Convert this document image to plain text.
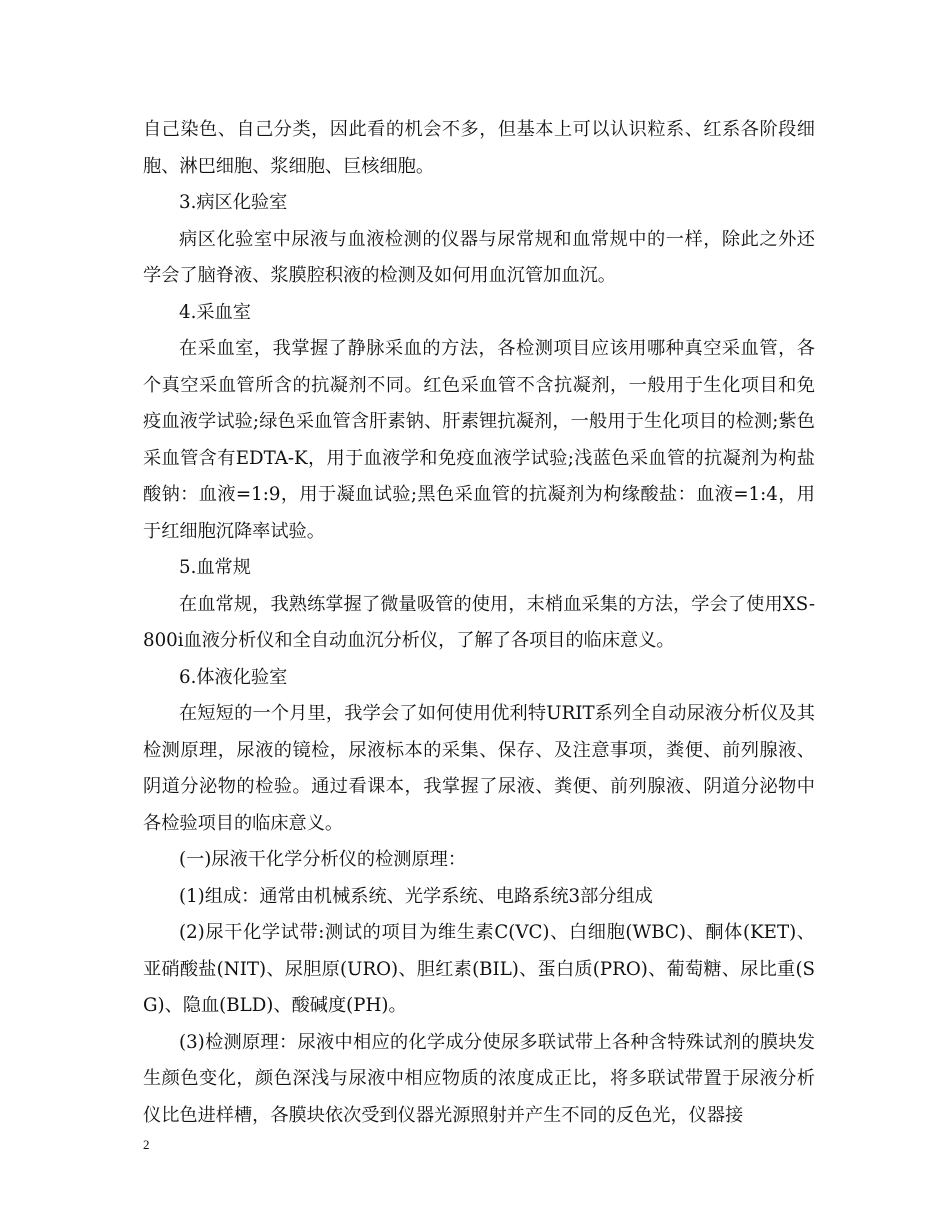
自己染色、自己分类，因此看的机会不多，但基本上可以认识粒系、红系各阶段细胞、淋巴细胞、浆细胞、巨核细胞。

3.病区化验室

病区化验室中尿液与血液检测的仪器与尿常规和血常规中的一样，除此之外还学会了脑脊液、浆膜腔积液的检测及如何用血沉管加血沉。

4.采血室

在采血室，我掌握了静脉采血的方法，各检测项目应该用哪种真空采血管，各个真空采血管所含的抗凝剂不同。红色采血管不含抗凝剂，一般用于生化项目和免疫血液学试验;绿色采血管含肝素钠、肝素锂抗凝剂，一般用于生化项目的检测;紫色采血管含有EDTA-K，用于血液学和免疫血液学试验;浅蓝色采血管的抗凝剂为枸盐酸钠：血液=1:9，用于凝血试验;黑色采血管的抗凝剂为枸缘酸盐：血液=1:4，用于红细胞沉降率试验。

5.血常规

在血常规，我熟练掌握了微量吸管的使用，末梢血采集的方法，学会了使用XS-800i血液分析仪和全自动血沉分析仪，了解了各项目的临床意义。

6.体液化验室

在短短的一个月里，我学会了如何使用优利特URIT系列全自动尿液分析仪及其检测原理，尿液的镜检，尿液标本的采集、保存、及注意事项，粪便、前列腺液、阴道分泌物的检验。通过看课本，我掌握了尿液、粪便、前列腺液、阴道分泌物中各检验项目的临床意义。

(一)尿液干化学分析仪的检测原理：

(1)组成：通常由机械系统、光学系统、电路系统3部分组成

(2)尿干化学试带:测试的项目为维生素C(VC)、白细胞(WBC)、酮体(KET)、亚硝酸盐(NIT)、尿胆原(URO)、胆红素(BIL)、蛋白质(PRO)、葡萄糖、尿比重(SG)、隐血(BLD)、酸碱度(PH)。

(3)检测原理：尿液中相应的化学成分使尿多联试带上各种含特殊试剂的膜块发生颜色变化，颜色深浅与尿液中相应物质的浓度成正比，将多联试带置于尿液分析仪比色进样槽，各膜块依次受到仪器光源照射并产生不同的反色光，仪器接

2
